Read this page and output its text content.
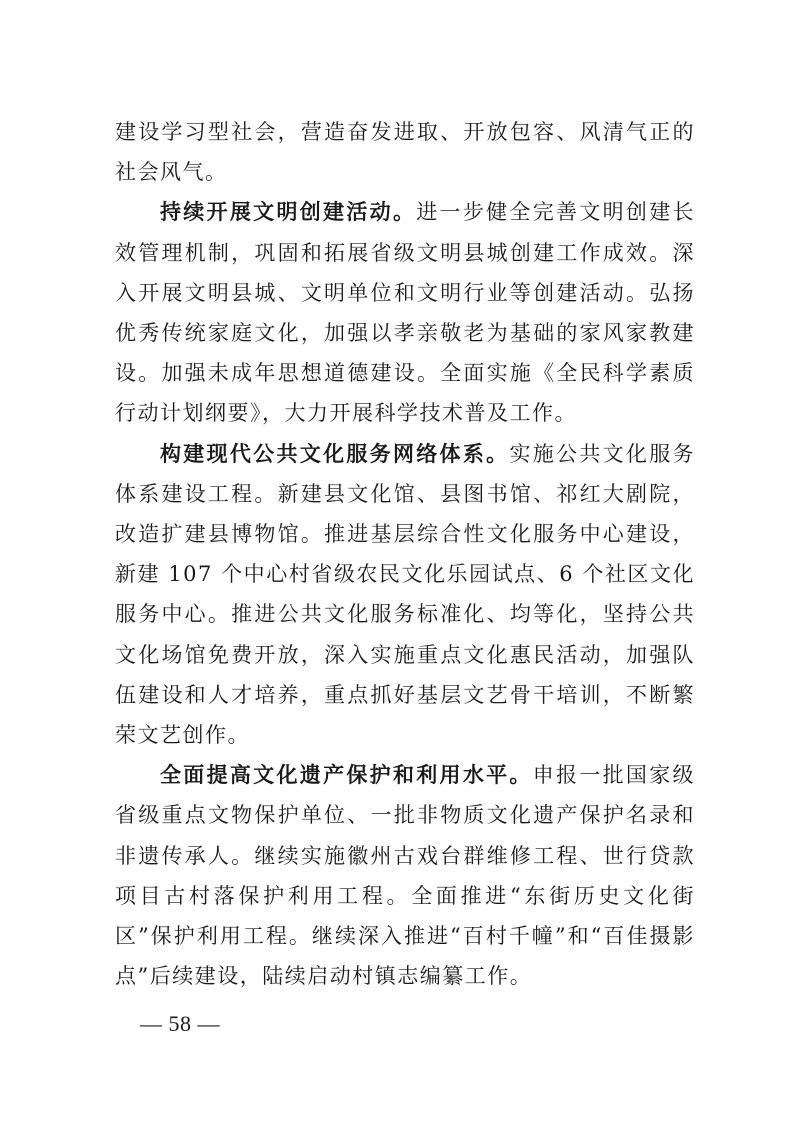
建设学习型社会，营造奋发进取、开放包容、风清气正的社会风气。

持续开展文明创建活动。进一步健全完善文明创建长效管理机制，巩固和拓展省级文明县城创建工作成效。深入开展文明县城、文明单位和文明行业等创建活动。弘扬优秀传统家庭文化，加强以孝亲敬老为基础的家风家教建设。加强未成年思想道德建设。全面实施《全民科学素质行动计划纲要》，大力开展科学技术普及工作。

构建现代公共文化服务网络体系。实施公共文化服务体系建设工程。新建县文化馆、县图书馆、祁红大剧院，改造扩建县博物馆。推进基层综合性文化服务中心建设，新建 107 个中心村省级农民文化乐园试点、6 个社区文化服务中心。推进公共文化服务标准化、均等化，坚持公共文化场馆免费开放，深入实施重点文化惠民活动，加强队伍建设和人才培养，重点抓好基层文艺骨干培训，不断繁荣文艺创作。

全面提高文化遗产保护和利用水平。申报一批国家级省级重点文物保护单位、一批非物质文化遗产保护名录和非遗传承人。继续实施徽州古戏台群维修工程、世行贷款项目古村落保护利用工程。全面推进“东街历史文化街区”保护利用工程。继续深入推进“百村千幢”和“百佳摄影点”后续建设，陆续启动村镇志编纂工作。

— 58 —
